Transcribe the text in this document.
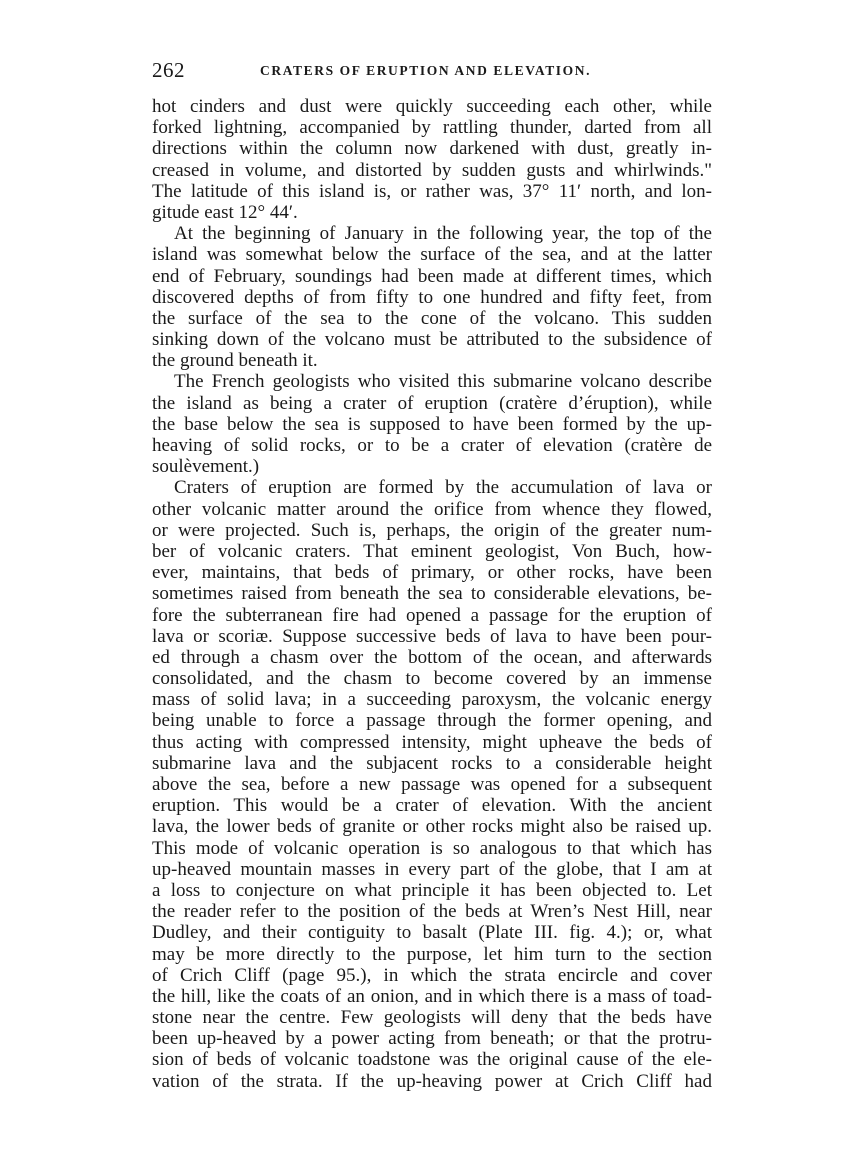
262	CRATERS OF ERUPTION AND ELEVATION.
hot cinders and dust were quickly succeeding each other, while
forked lightning, accompanied by rattling thunder, darted from all
directions within the column now darkened with dust, greatly in-
creased in volume, and distorted by sudden gusts and whirlwinds."
The latitude of this island is, or rather was, 37° 11′ north, and lon-
gitude east 12° 44′.
At the beginning of January in the following year, the top of the
island was somewhat below the surface of the sea, and at the latter
end of February, soundings had been made at different times, which
discovered depths of from fifty to one hundred and fifty feet, from
the surface of the sea to the cone of the volcano. This sudden
sinking down of the volcano must be attributed to the subsidence of
the ground beneath it.
The French geologists who visited this submarine volcano describe
the island as being a crater of eruption (cratère d’éruption), while
the base below the sea is supposed to have been formed by the up-
heaving of solid rocks, or to be a crater of elevation (cratère de
soulèvement.)
Craters of eruption are formed by the accumulation of lava or
other volcanic matter around the orifice from whence they flowed,
or were projected. Such is, perhaps, the origin of the greater num-
ber of volcanic craters. That eminent geologist, Von Buch, how-
ever, maintains, that beds of primary, or other rocks, have been
sometimes raised from beneath the sea to considerable elevations, be-
fore the subterranean fire had opened a passage for the eruption of
lava or scoriæ. Suppose successive beds of lava to have been pour-
ed through a chasm over the bottom of the ocean, and afterwards
consolidated, and the chasm to become covered by an immense
mass of solid lava; in a succeeding paroxysm, the volcanic energy
being unable to force a passage through the former opening, and
thus acting with compressed intensity, might upheave the beds of
submarine lava and the subjacent rocks to a considerable height
above the sea, before a new passage was opened for a subsequent
eruption. This would be a crater of elevation. With the ancient
lava, the lower beds of granite or other rocks might also be raised up.
This mode of volcanic operation is so analogous to that which has
up-heaved mountain masses in every part of the globe, that I am at
a loss to conjecture on what principle it has been objected to. Let
the reader refer to the position of the beds at Wren’s Nest Hill, near
Dudley, and their contiguity to basalt (Plate III. fig. 4.); or, what
may be more directly to the purpose, let him turn to the section
of Crich Cliff (page 95.), in which the strata encircle and cover
the hill, like the coats of an onion, and in which there is a mass of toad-
stone near the centre. Few geologists will deny that the beds have
been up-heaved by a power acting from beneath; or that the protru-
sion of beds of volcanic toadstone was the original cause of the ele-
vation of the strata. If the up-heaving power at Crich Cliff had
